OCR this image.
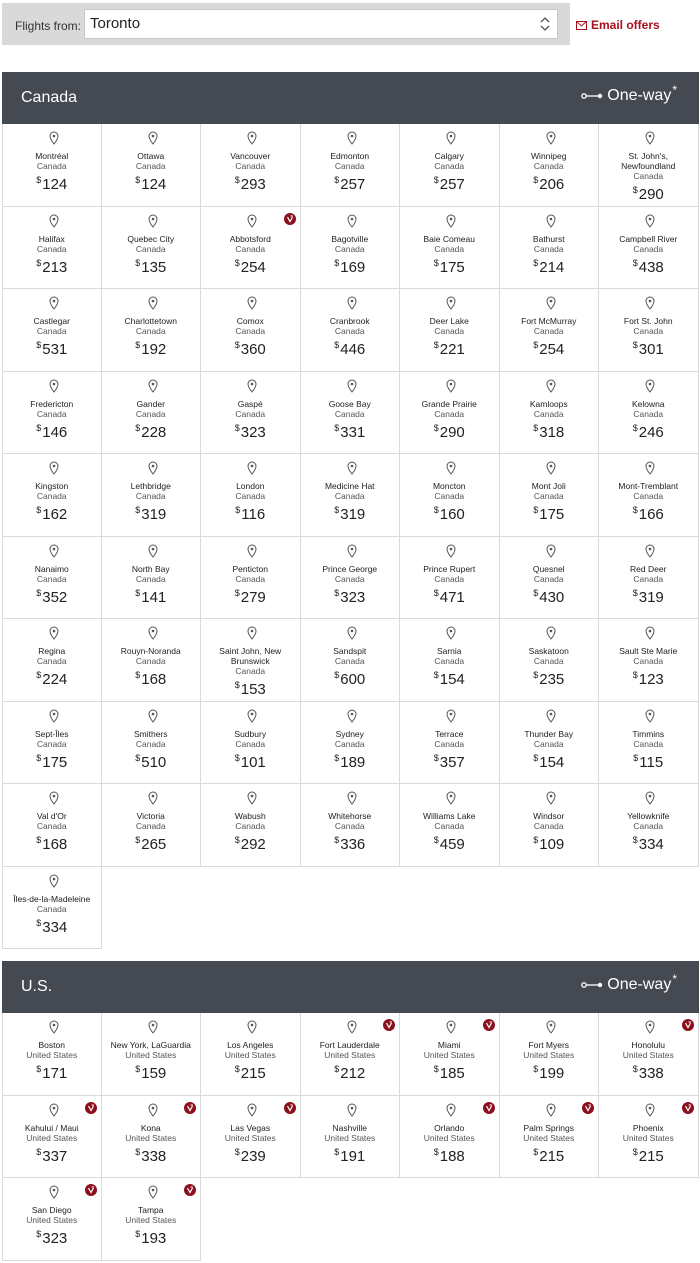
Flights from: Toronto	Email offers
Canada	One-way*
Montréal
Canada
$124
Ottawa
Canada
$124
Vancouver
Canada
$293
Edmonton
Canada
$257
Calgary
Canada
$257
Winnipeg
Canada
$206
St. John's, Newfoundland
Canada
$290
Halifax
Canada
$213
Quebec City
Canada
$135
Abbotsford
Canada
$254
Bagotville
Canada
$169
Baie Comeau
Canada
$175
Bathurst
Canada
$214
Campbell River
Canada
$438
Castlegar
Canada
$531
Charlottetown
Canada
$192
Comox
Canada
$360
Cranbrook
Canada
$446
Deer Lake
Canada
$221
Fort McMurray
Canada
$254
Fort St. John
Canada
$301
Fredericton
Canada
$146
Gander
Canada
$228
Gaspé
Canada
$323
Goose Bay
Canada
$331
Grande Prairie
Canada
$290
Kamloops
Canada
$318
Kelowna
Canada
$246
Kingston
Canada
$162
Lethbridge
Canada
$319
London
Canada
$116
Medicine Hat
Canada
$319
Moncton
Canada
$160
Mont Joli
Canada
$175
Mont-Tremblant
Canada
$166
Nanaimo
Canada
$352
North Bay
Canada
$141
Penticton
Canada
$279
Prince George
Canada
$323
Prince Rupert
Canada
$471
Quesnel
Canada
$430
Red Deer
Canada
$319
Regina
Canada
$224
Rouyn-Noranda
Canada
$168
Saint John, New Brunswick
Canada
$153
Sandspit
Canada
$600
Sarnia
Canada
$154
Saskatoon
Canada
$235
Sault Ste Marie
Canada
$123
Sept-Îles
Canada
$175
Smithers
Canada
$510
Sudbury
Canada
$101
Sydney
Canada
$189
Terrace
Canada
$357
Thunder Bay
Canada
$154
Timmins
Canada
$115
Val d'Or
Canada
$168
Victoria
Canada
$265
Wabush
Canada
$292
Whitehorse
Canada
$336
Williams Lake
Canada
$459
Windsor
Canada
$109
Yellowknife
Canada
$334
Îles-de-la-Madeleine
Canada
$334
U.S.	One-way*
Boston
United States
$171
New York, LaGuardia
United States
$159
Los Angeles
United States
$215
Fort Lauderdale
United States
$212
Miami
United States
$185
Fort Myers
United States
$199
Honolulu
United States
$338
Kahului / Maui
United States
$337
Kona
United States
$338
Las Vegas
United States
$239
Nashville
United States
$191
Orlando
United States
$188
Palm Springs
United States
$215
Phoenix
United States
$215
San Diego
United States
$323
Tampa
United States
$193
